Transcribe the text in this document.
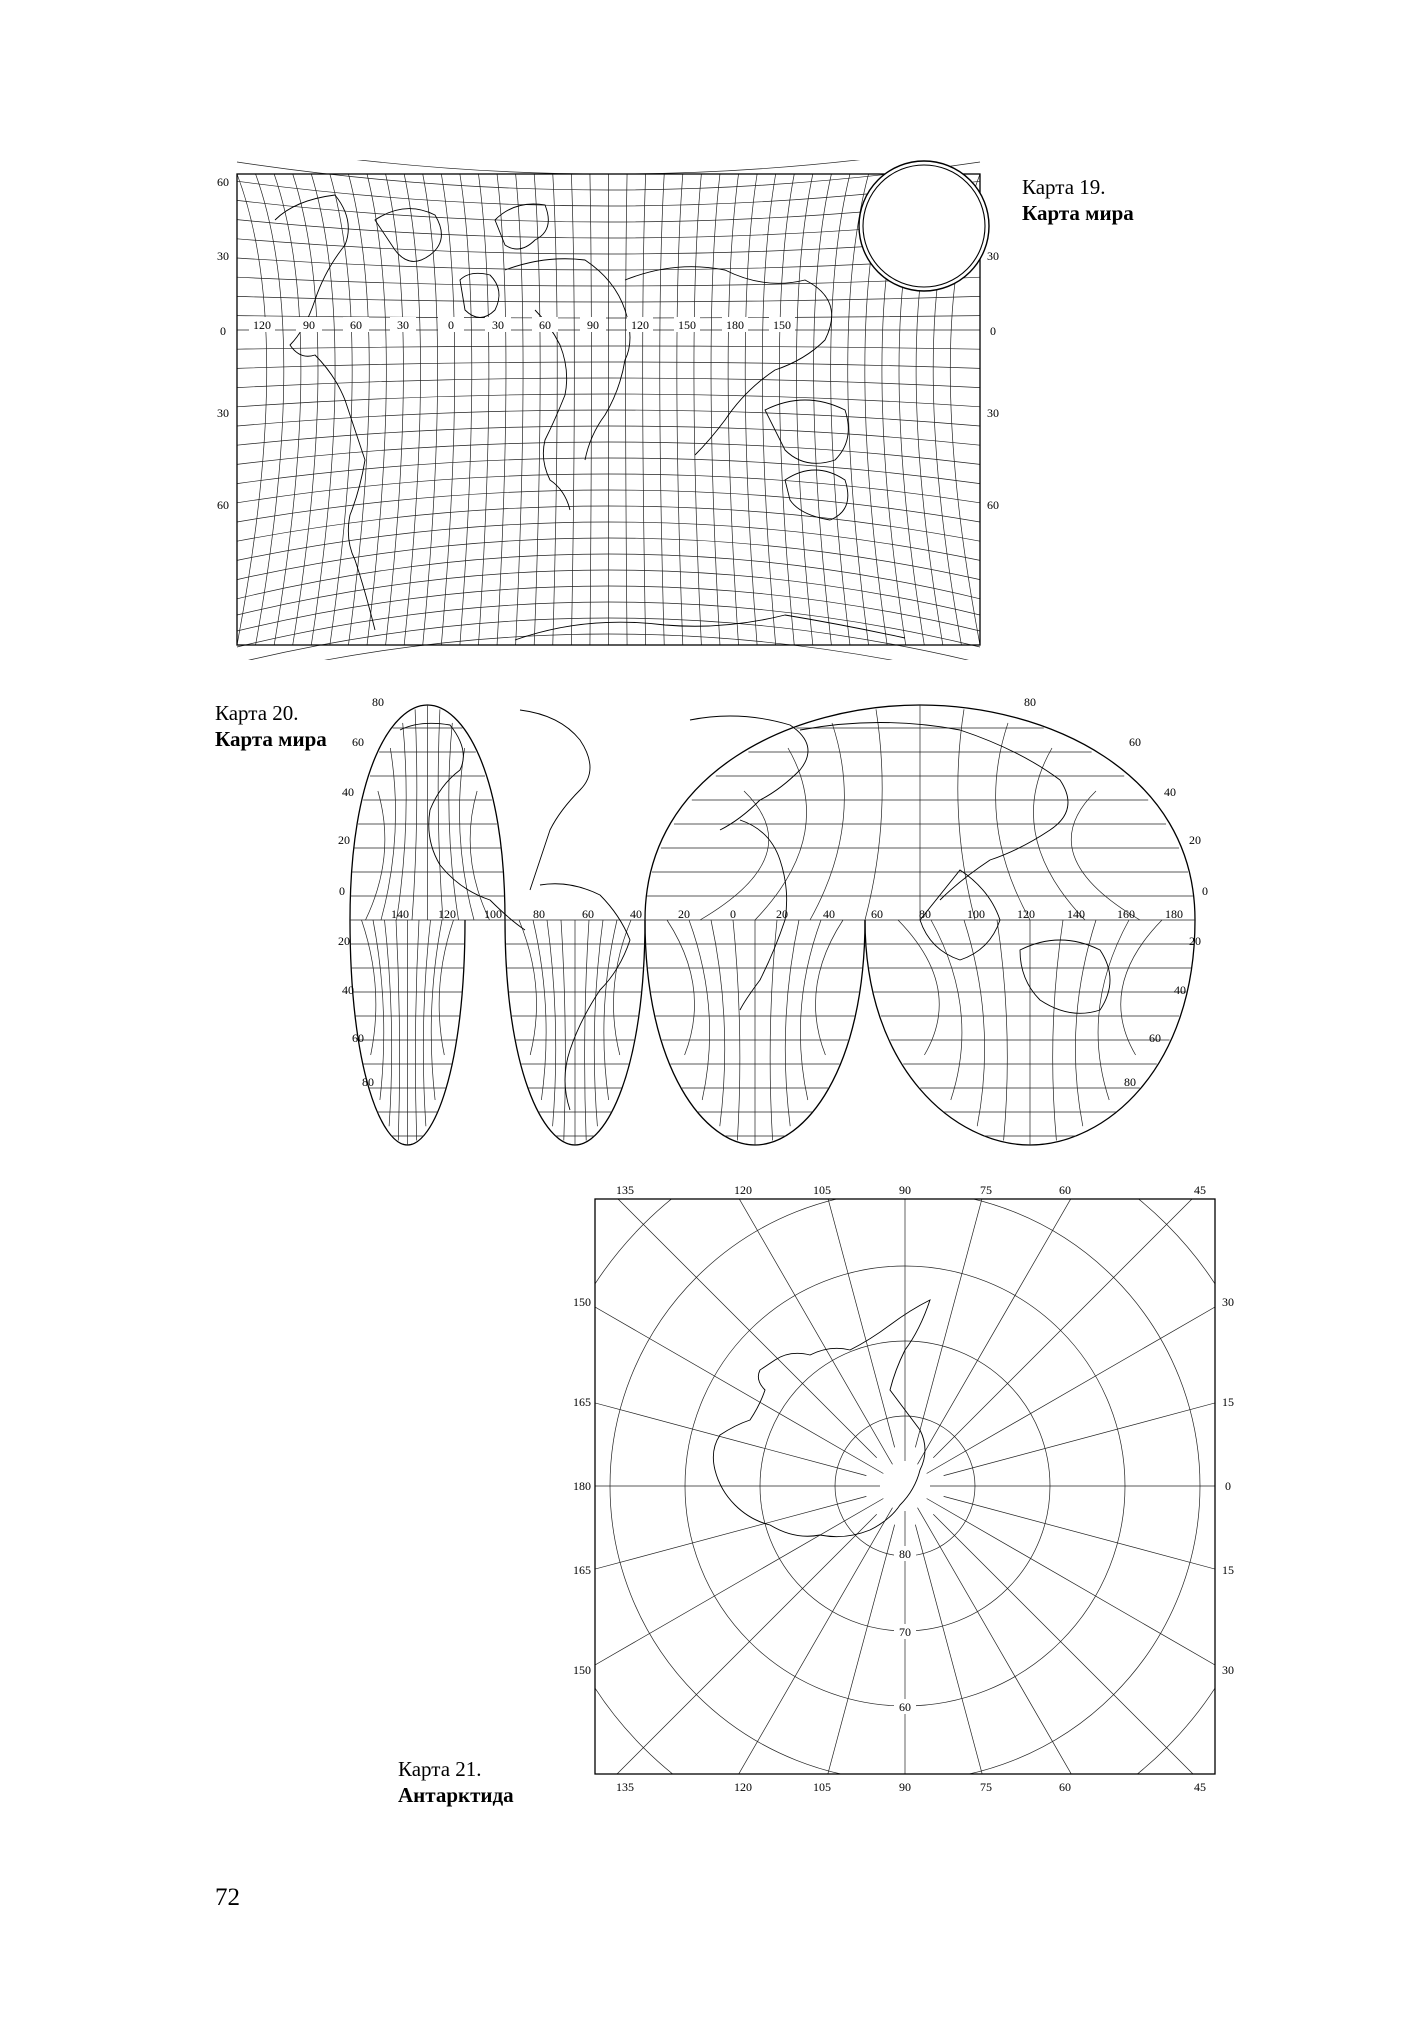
60
30
0
30
60
30
0
30
60
120	90	60	30	0	30	60	90	120 150	180 150
Карта 19.
Карта мира
80
60
40
20
0
20
40
60
80
80
60
40
20
0
20
40
60
80
140 120 100	80	60	40	20	0	20	40	60	80	100	120	140	160	180
Карта 20.
Карта мира
135	120	105	90	75	60	45
135	120	105	90	75	60	45
150
165
180
165
150
30
15
0
15
30
80
70
60
Карта 21.
Антарктида
72
